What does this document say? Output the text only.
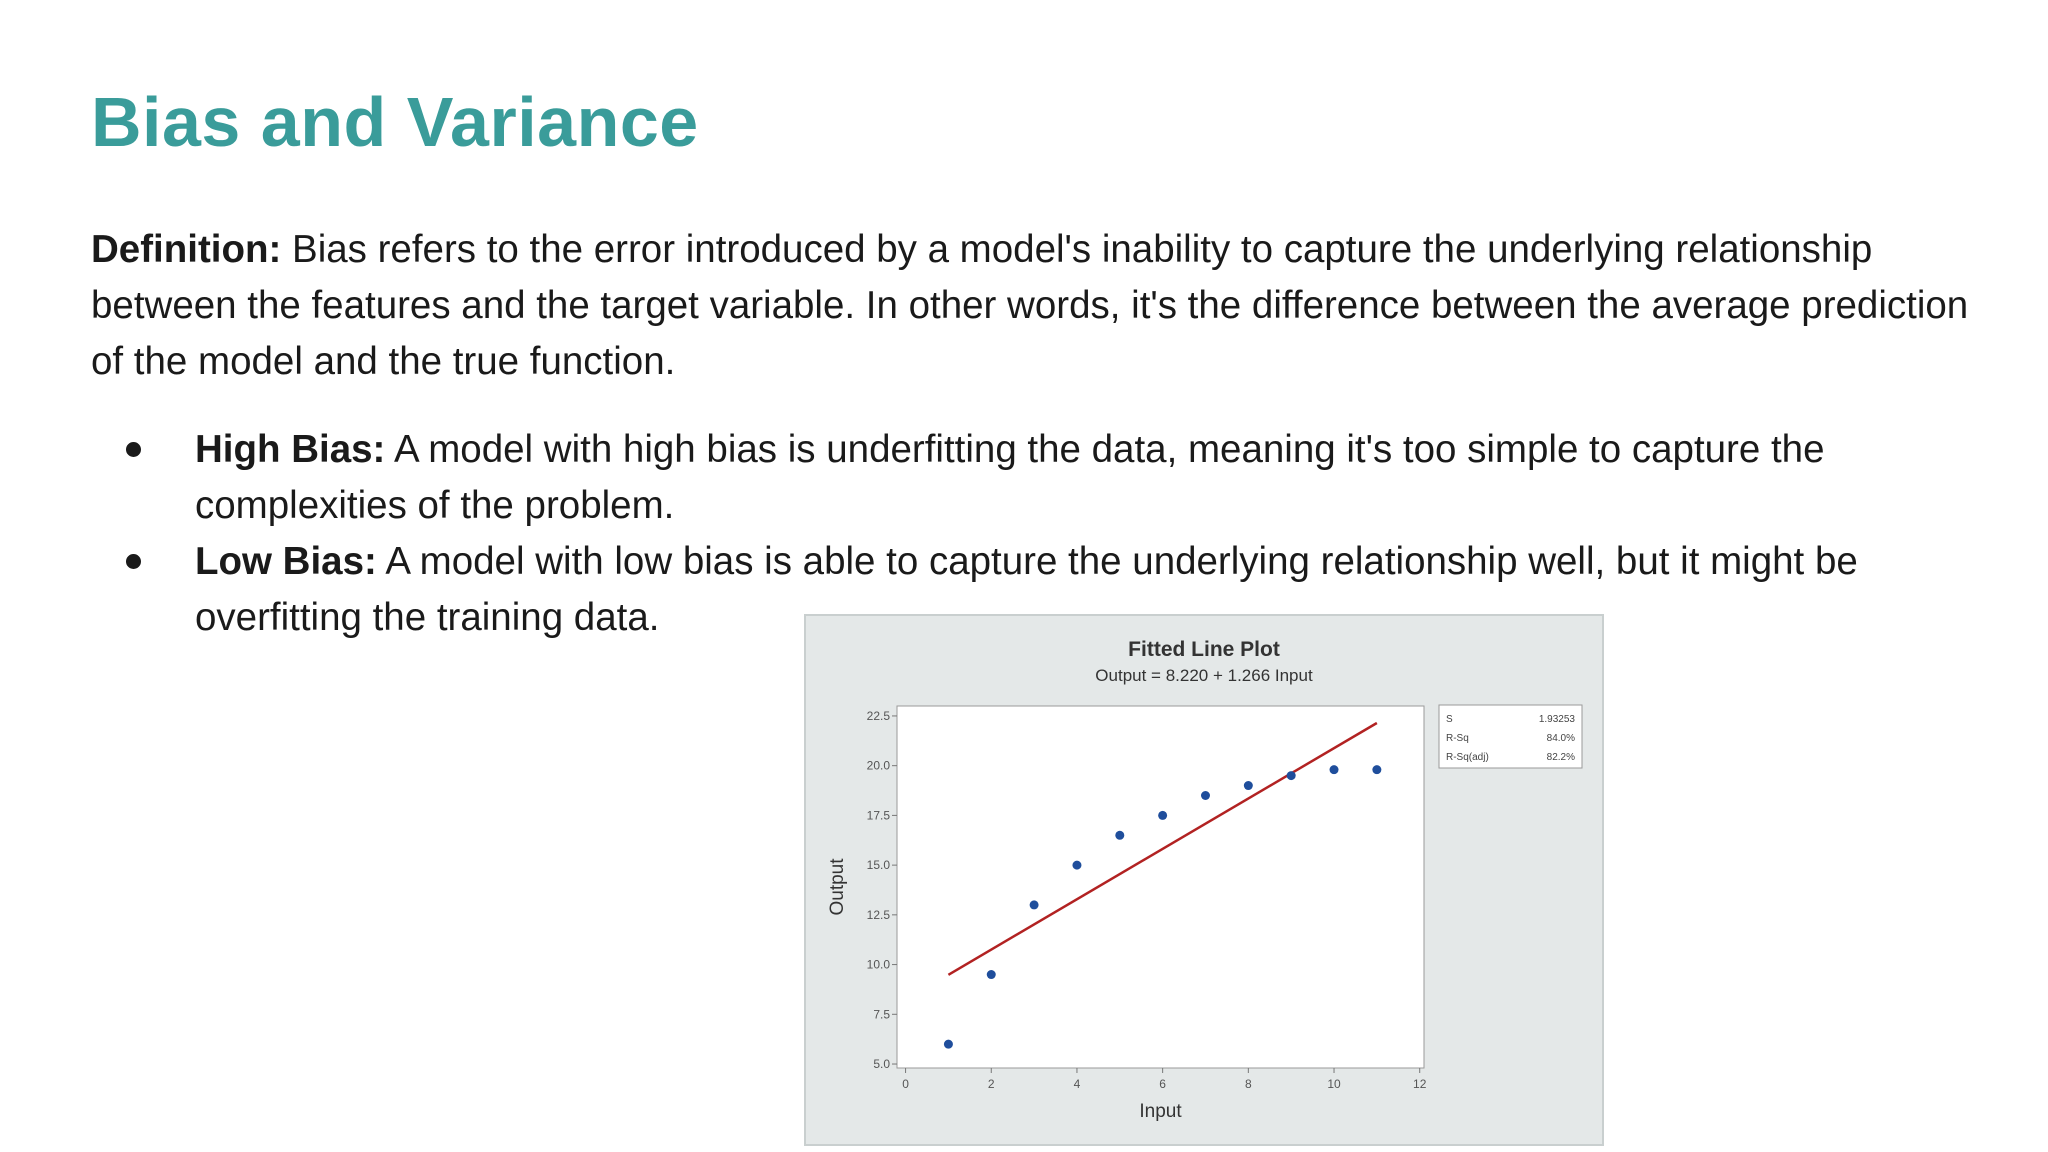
Bias and Variance

Definition: Bias refers to the error introduced by a model's inability to capture the underlying relationship between the features and the target variable. In other words, it's the difference between the average prediction of the model and the true function.

High Bias: A model with high bias is underfitting the data, meaning it's too simple to capture the complexities of the problem.
Low Bias: A model with low bias is able to capture the underlying relationship well, but it might be overfitting the training data.
Fitted Line Plot
Output = 8.220 + 1.266 Input
5.0
7.5
10.0
12.5
15.0
17.5
20.0
22.5
0	2	4	6	8	10	12
Input
Output
S	1.93253
R-Sq	84.0%
R-Sq(adj)	82.2%
